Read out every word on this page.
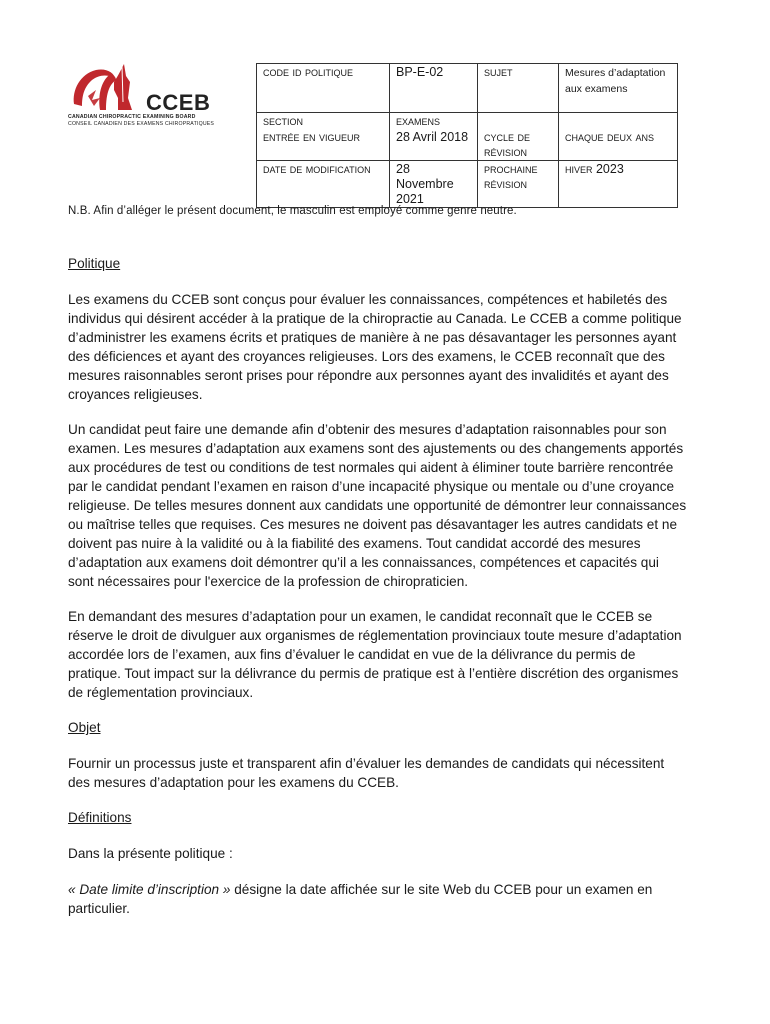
CCEB
CANADIAN CHIROPRACTIC EXAMINING BOARD
CONSEIL CANADIEN DES EXAMENS CHIROPRATIQUES
code id politique	BP-E-02	sujet	Mesures d’adaptation aux examens
section	examens		
entrée en vigueur	28 Avril 2018	cycle de révision	chaque deux ans
date de modification	28 Novembre 2021	prochaine révision	hiver 2023
N.B. Afin d’alléger le présent document, le masculin est employé comme genre neutre.

Politique

Les examens du CCEB sont conçus pour évaluer les connaissances, compétences et habiletés des individus qui désirent accéder à la pratique de la chiropractie au Canada. Le CCEB a comme politique d’administrer les examens écrits et pratiques de manière à ne pas désavantager les personnes ayant des déficiences et ayant des croyances religieuses. Lors des examens, le CCEB reconnaît que des mesures raisonnables seront prises pour répondre aux personnes ayant des invalidités et ayant des croyances religieuses.

Un candidat peut faire une demande afin d’obtenir des mesures d’adaptation raisonnables pour son examen. Les mesures d’adaptation aux examens sont des ajustements ou des changements apportés aux procédures de test ou conditions de test normales qui aident à éliminer toute barrière rencontrée par le candidat pendant l’examen en raison d’une incapacité physique ou mentale ou d’une croyance religieuse. De telles mesures donnent aux candidats une opportunité de démontrer leur connaissances ou maîtrise telles que requises. Ces mesures ne doivent pas désavantager les autres candidats et ne doivent pas nuire à la validité ou à la fiabilité des examens. Tout candidat accordé des mesures d’adaptation aux examens doit démontrer qu’il a les connaissances, compétences et capacités qui sont nécessaires pour l'exercice de la profession de chiropraticien.

En demandant des mesures d’adaptation pour un examen, le candidat reconnaît que le CCEB se réserve le droit de divulguer aux organismes de réglementation provinciaux toute mesure d’adaptation accordée lors de l’examen, aux fins d’évaluer le candidat en vue de la délivrance du permis de pratique. Tout impact sur la délivrance du permis de pratique est à l’entière discrétion des organismes de réglementation provinciaux.

Objet

Fournir un processus juste et transparent afin d’évaluer les demandes de candidats qui nécessitent des mesures d’adaptation pour les examens du CCEB.

Définitions

Dans la présente politique :

« Date limite d’inscription » désigne la date affichée sur le site Web du CCEB pour un examen en particulier.
